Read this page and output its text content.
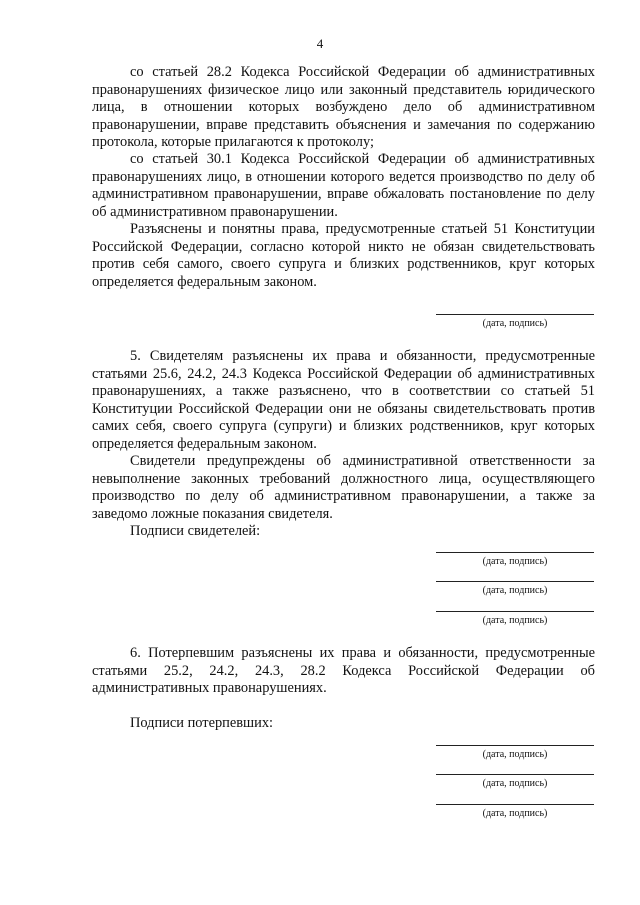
4

со статьей 28.2 Кодекса Российской Федерации об административных правонарушениях физическое лицо или законный представитель юридического лица, в отношении которых возбуждено дело об административном правонарушении, вправе представить объяснения и замечания по содержанию протокола, которые прилагаются к протоколу;

со статьей 30.1 Кодекса Российской Федерации об административных правонарушениях лицо, в отношении которого ведется производство по делу об административном правонарушении, вправе обжаловать постановление по делу об административном правонарушении.

Разъяснены и понятны права, предусмотренные статьей 51 Конституции Российской Федерации, согласно которой никто не обязан свидетельствовать против себя самого, своего супруга и близких родственников, круг которых определяется федеральным законом.

(дата, подпись)

5. Свидетелям разъяснены их права и обязанности, предусмотренные статьями 25.6, 24.2, 24.3 Кодекса Российской Федерации об административных правонарушениях, а также разъяснено, что в соответствии со статьей 51 Конституции Российской Федерации они не обязаны свидетельствовать против самих себя, своего супруга (супруги) и близких родственников, круг которых определяется федеральным законом.

Свидетели предупреждены об административной ответственности за невыполнение законных требований должностного лица, осуществляющего производство по делу об административном правонарушении, а также за заведомо ложные показания свидетеля.

Подписи свидетелей:

(дата, подпись)
(дата, подпись)
(дата, подпись)

6. Потерпевшим разъяснены их права и обязанности, предусмотренные статьями 25.2, 24.2, 24.3, 28.2 Кодекса Российской Федерации об административных правонарушениях.

Подписи потерпевших:

(дата, подпись)
(дата, подпись)
(дата, подпись)
